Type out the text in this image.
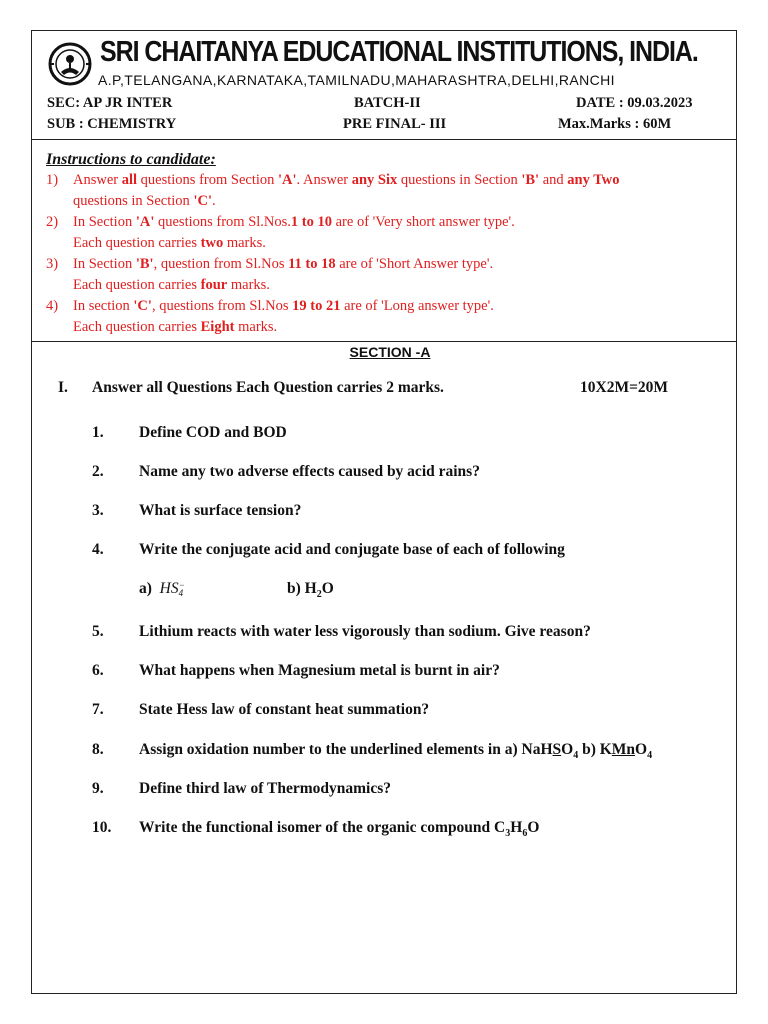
SRI CHAITANYA EDUCATIONAL INSTITUTIONS, INDIA.
A.P,TELANGANA,KARNATAKA,TAMILNADU,MAHARASHTRA,DELHI,RANCHI
SEC: AP JR INTER	BATCH-II	DATE : 09.03.2023
SUB : CHEMISTRY	PRE FINAL- III	Max.Marks : 60M
Instructions to candidate:
1) Answer all questions from Section 'A'. Answer any Six questions in Section 'B' and any Two
questions in Section 'C'.
2) In Section 'A' questions from Sl.Nos.1 to 10 are of 'Very short answer type'.
Each question carries two marks.
3) In Section 'B', question from Sl.Nos 11 to 18 are of 'Short Answer type'.
Each question carries four marks.
4) In section 'C', questions from Sl.Nos 19 to 21 are of 'Long answer type'.
Each question carries Eight marks.
SECTION -A
I. Answer all Questions Each Question carries 2 marks.	10X2M=20M
1. Define COD and BOD
2. Name any two adverse effects caused by acid rains?
3. What is surface tension?
4. Write the conjugate acid and conjugate base of each of following
a) HS −
4	b) $H_2O$
5. Lithium reacts with water less vigorously than sodium. Give reason?
6. What happens when Magnesium metal is burnt in air?
7. State Hess law of constant heat summation?
8. Assign oxidation number to the underlined elements in a) NaHSO$_4$ b) KMnO$_4$
9. Define third law of Thermodynamics?
10. Write the functional isomer of the organic compound $C_3H_6O$
